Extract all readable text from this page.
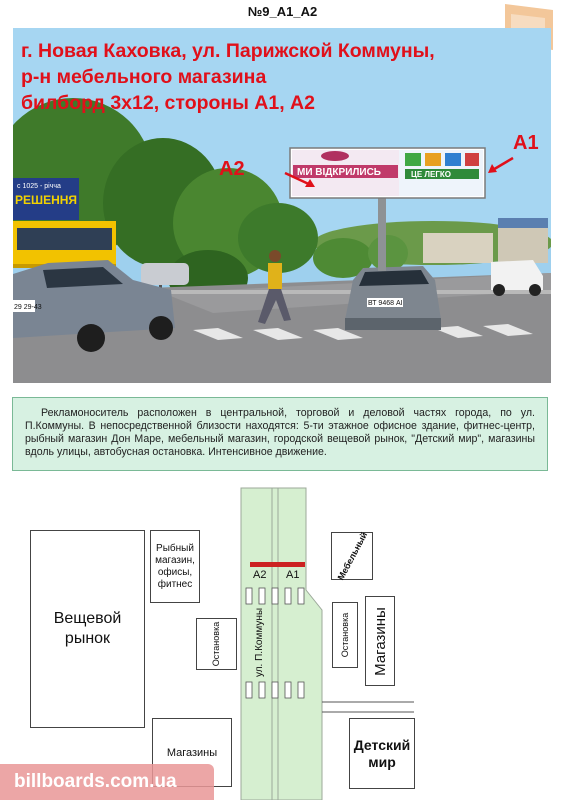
№9_А1_А2
с 1025 - річча
РЕШЕННЯ
29 29-43
ВТ 9468 АІ
МИ ВІДКРИЛИСЬ	ЦЕ ЛЕГКО
г. Новая Каховка, ул. Парижской Коммуны,
р-н мебельного магазина
билборд 3х12, стороны А1, А2
А2
А1
Рекламоноситель расположен в центральной, торговой и деловой частях города, по ул. П.Коммуны. В непосредственной близости находятся: 5-ти этажное офисное здание, фитнес-центр, рыбный магазин Дон Маре, мебельный магазин, городской вещевой рынок, "Детский мир", магазины вдоль улицы, автобусная остановка. Интенсивное движение.
Вещевой рынок
Рыбный магазин, офисы, фитнес
Остановка
Магазины
Мебельный
Остановка Магазины
Детский мир
ул. П.Коммуны
А2 А1
billboards.com.ua
